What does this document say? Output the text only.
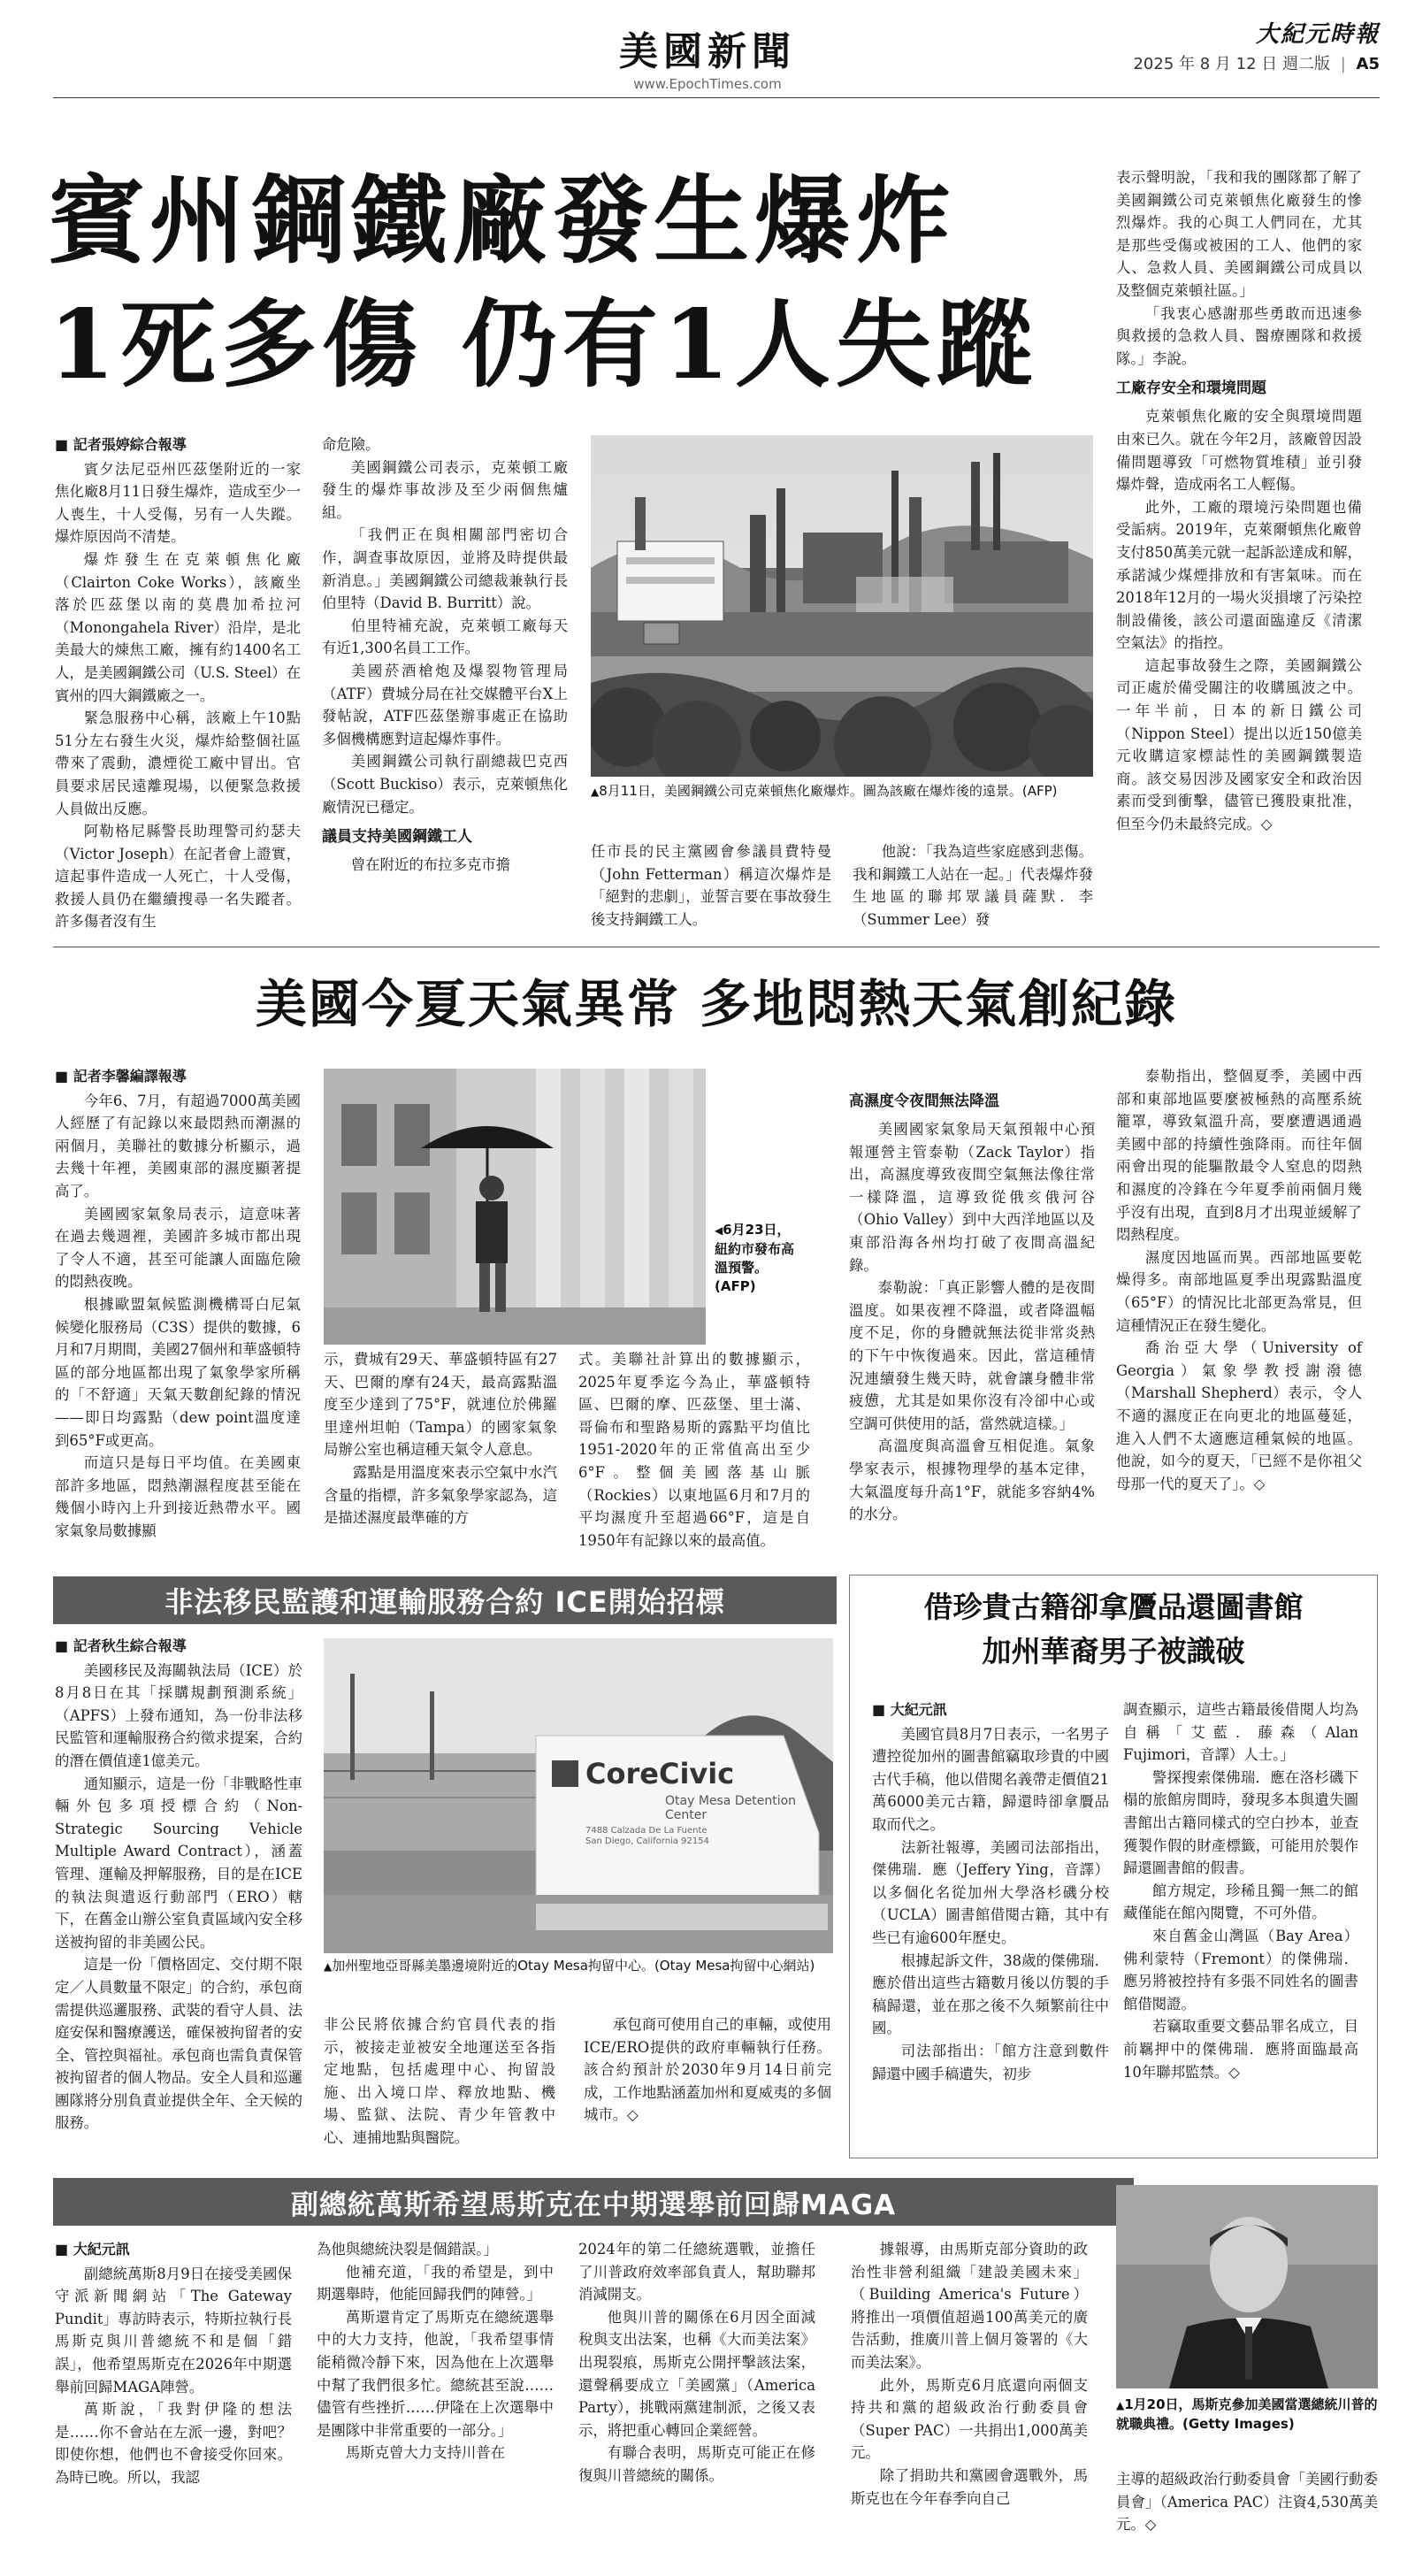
美國新聞
www.EpochTimes.com
大紀元時報
2025 年 8 月 12 日 週二版 | A5
賓州鋼鐵廠發生爆炸
1死多傷 仍有1人失蹤
■ 記者張婷綜合報導

賓夕法尼亞州匹茲堡附近的一家焦化廠8月11日發生爆炸，造成至少一人喪生，十人受傷，另有一人失蹤。爆炸原因尚不清楚。

爆炸發生在克萊頓焦化廠（Clairton Coke Works），該廠坐落於匹茲堡以南的莫農加希拉河（Monongahela River）沿岸，是北美最大的煉焦工廠，擁有約1400名工人，是美國鋼鐵公司（U.S. Steel）在賓州的四大鋼鐵廠之一。

緊急服務中心稱，該廠上午10點51分左右發生火災，爆炸給整個社區帶來了震動，濃煙從工廠中冒出。官員要求居民遠離現場，以便緊急救援人員做出反應。

阿勒格尼縣警長助理警司約瑟夫（Victor Joseph）在記者會上證實，這起事件造成一人死亡，十人受傷，救援人員仍在繼續搜尋一名失蹤者。許多傷者沒有生

命危險。

美國鋼鐵公司表示，克萊頓工廠發生的爆炸事故涉及至少兩個焦爐組。

「我們正在與相關部門密切合作，調查事故原因，並將及時提供最新消息。」美國鋼鐵公司總裁兼執行長伯里特（David B. Burritt）說。

伯里特補充說，克萊頓工廠每天有近1,300名員工工作。

美國菸酒槍炮及爆裂物管理局（ATF）費城分局在社交媒體平台X上發帖說，ATF匹茲堡辦事處正在協助多個機構應對這起爆炸事件。

美國鋼鐵公司執行副總裁巴克西（Scott Buckiso）表示，克萊頓焦化廠情況已穩定。

議員支持美國鋼鐵工人

曾在附近的布拉多克市擔

▲8月11日，美國鋼鐵公司克萊頓焦化廠爆炸。圖為該廠在爆炸後的遠景。(AFP)

任市長的民主黨國會參議員費特曼（John Fetterman）稱這次爆炸是「絕對的悲劇」，並誓言要在事故發生後支持鋼鐵工人。

他說：「我為這些家庭感到悲傷。我和鋼鐵工人站在一起。」代表爆炸發生地區的聯邦眾議員薩默．李（Summer Lee）發

表示聲明說，「我和我的團隊都了解了美國鋼鐵公司克萊頓焦化廠發生的慘烈爆炸。我的心與工人們同在，尤其是那些受傷或被困的工人、他們的家人、急救人員、美國鋼鐵公司成員以及整個克萊頓社區。」

「我衷心感謝那些勇敢而迅速參與救援的急救人員、醫療團隊和救援隊。」李說。

工廠存安全和環境問題

克萊頓焦化廠的安全與環境問題由來已久。就在今年2月，該廠曾因設備問題導致「可燃物質堆積」並引發爆炸聲，造成兩名工人輕傷。

此外，工廠的環境污染問題也備受詬病。2019年，克萊爾頓焦化廠曾支付850萬美元就一起訴訟達成和解，承諾減少煤煙排放和有害氣味。而在2018年12月的一場火災損壞了污染控制設備後，該公司還面臨違反《清潔空氣法》的指控。

這起事故發生之際，美國鋼鐵公司正處於備受關注的收購風波之中。一年半前，日本的新日鐵公司（Nippon Steel）提出以近150億美元收購這家標誌性的美國鋼鐵製造商。該交易因涉及國家安全和政治因素而受到衝擊，儘管已獲股東批准，但至今仍未最終完成。◇

美國今夏天氣異常 多地悶熱天氣創紀錄
■ 記者李馨編譯報導

今年6、7月，有超過7000萬美國人經歷了有記錄以來最悶熱而潮濕的兩個月，美聯社的數據分析顯示，過去幾十年裡，美國東部的濕度顯著提高了。

美國國家氣象局表示，這意味著在過去幾週裡，美國許多城市都出現了令人不適，甚至可能讓人面臨危險的悶熱夜晚。

根據歐盟氣候監測機構哥白尼氣候變化服務局（C3S）提供的數據，6月和7月期間，美國27個州和華盛頓特區的部分地區都出現了氣象學家所稱的「不舒適」天氣天數創紀錄的情況——即日均露點（dew point溫度達到65°F或更高。

而這只是每日平均值。在美國東部許多地區，悶熱潮濕程度甚至能在幾個小時內上升到接近熱帶水平。國家氣象局數據顯

◀6月23日，紐約市發布高溫預警。(AFP)

示，費城有29天、華盛頓特區有27天、巴爾的摩有24天，最高露點溫度至少達到了75°F，就連位於佛羅里達州坦帕（Tampa）的國家氣象局辦公室也稱這種天氣令人意息。

露點是用溫度來表示空氣中水汽含量的指標，許多氣象學家認為，這是描述濕度最準確的方

式。美聯社計算出的數據顯示，2025年夏季迄今為止，華盛頓特區、巴爾的摩、匹茲堡、里士滿、哥倫布和聖路易斯的露點平均值比1951-2020年的正常值高出至少6°F。整個美國落基山脈（Rockies）以東地區6月和7月的平均濕度升至超過66°F，這是自1950年有記錄以來的最高值。

高濕度令夜間無法降溫

美國國家氣象局天氣預報中心預報運營主管泰勒（Zack Taylor）指出，高濕度導致夜間空氣無法像往常一樣降溫，這導致從俄亥俄河谷（Ohio Valley）到中大西洋地區以及東部沿海各州均打破了夜間高溫紀錄。

泰勒說：「真正影響人體的是夜間溫度。如果夜裡不降溫，或者降溫幅度不足，你的身體就無法從非常炎熱的下午中恢復過來。因此，當這種情況連續發生幾天時，就會讓身體非常疲憊，尤其是如果你沒有冷卻中心或空調可供使用的話，當然就這樣。」

高溫度與高溫會互相促進。氣象學家表示，根據物理學的基本定律，大氣溫度每升高1°F，就能多容納4%的水分。

泰勒指出，整個夏季，美國中西部和東部地區要麼被極熱的高壓系統籠罩，導致氣溫升高，要麼遭遇通過美國中部的持續性強降雨。而往年個兩會出現的能驅散最令人窒息的悶熱和濕度的冷鋒在今年夏季前兩個月幾乎沒有出現，直到8月才出現並緩解了悶熱程度。

濕度因地區而異。西部地區要乾燥得多。南部地區夏季出現露點溫度（65°F）的情況比北部更為常見，但這種情況正在發生變化。

喬治亞大學（University of Georgia）氣象學教授謝潑德（Marshall Shepherd）表示，令人不適的濕度正在向更北的地區蔓延，進入人們不太適應這種氣候的地區。他說，如今的夏天，「已經不是你祖父母那一代的夏天了」。◇

非法移民監護和運輸服務合約 ICE開始招標
■ 記者秋生綜合報導

美國移民及海關執法局（ICE）於8月8日在其「採購規劃預測系統」（APFS）上發布通知，為一份非法移民監管和運輸服務合約徵求提案，合約的潛在價值達1億美元。

通知顯示，這是一份「非戰略性車輛外包多項授標合約（Non-Strategic Sourcing Vehicle Multiple Award Contract），涵蓋管理、運輸及押解服務，目的是在ICE的執法與遣返行動部門（ERO）轄下，在舊金山辦公室負責區域內安全移送被拘留的非美國公民。

這是一份「價格固定、交付期不限定／人員數量不限定」的合約，承包商需提供巡邏服務、武裝的看守人員、法庭安保和醫療護送，確保被拘留者的安全、管控與福祉。承包商也需負責保管被拘留者的個人物品。安全人員和巡邏團隊將分別負責並提供全年、全天候的服務。

CoreCivic
Otay Mesa Detention Center
7488 Calzada De La Fuente San Diego, California 92154
▲加州聖地亞哥縣美墨邊境附近的Otay Mesa拘留中心。(Otay Mesa拘留中心網站)

非公民將依據合約官員代表的指示，被接走並被安全地運送至各指定地點，包括處理中心、拘留設施、出入境口岸、釋放地點、機場、監獄、法院、青少年管教中心、連捕地點與醫院。

承包商可使用自己的車輛，或使用ICE/ERO提供的政府車輛執行任務。該合約預計於2030年9月14日前完成，工作地點涵蓋加州和夏威夷的多個城市。◇

借珍貴古籍卻拿贗品還圖書館
加州華裔男子被識破
■ 大紀元訊

美國官員8月7日表示，一名男子遭控從加州的圖書館竊取珍貴的中國古代手稿，他以借閱名義帶走價值21萬6000美元古籍，歸還時卻拿贗品取而代之。

法新社報導，美國司法部指出，傑佛瑞．應（Jeffery Ying，音譯）以多個化名從加州大學洛杉磯分校（UCLA）圖書館借閱古籍，其中有些已有逾600年歷史。

根據起訴文件，38歲的傑佛瑞．應於借出這些古籍數月後以仿製的手稿歸還，並在那之後不久頻繁前往中國。

司法部指出：「館方注意到數件歸還中國手稿遺失，初步

調查顯示，這些古籍最後借閱人均為自稱「艾藍．藤森（Alan Fujimori，音譯）人士。」

警探搜索傑佛瑞．應在洛杉磯下榻的旅館房間時，發現多本與遺失圖書館出古籍同樣式的空白抄本，並查獲製作假的財產標籤，可能用於製作歸還圖書館的假書。

館方規定，珍稀且獨一無二的館藏僅能在館內閱覽，不可外借。

來自舊金山灣區（Bay Area）佛利蒙特（Fremont）的傑佛瑞．應另將被控持有多張不同姓名的圖書館借閱證。

若竊取重要文藝品罪名成立，目前羈押中的傑佛瑞．應將面臨最高10年聯邦監禁。◇

副總統萬斯希望馬斯克在中期選舉前回歸MAGA
■ 大紀元訊

副總統萬斯8月9日在接受美國保守派新聞網站「The Gateway Pundit」專訪時表示，特斯拉執行長馬斯克與川普總統不和是個「錯誤」，他希望馬斯克在2026年中期選舉前回歸MAGA陣營。

萬斯說，「我對伊隆的想法是……你不會站在左派一邊，對吧？即使你想，他們也不會接受你回來。為時已晚。所以，我認

為他與總統決裂是個錯誤。」

他補充道，「我的希望是，到中期選舉時，他能回歸我們的陣營。」

萬斯還肯定了馬斯克在總統選舉中的大力支持，他說，「我希望事情能稍微冷靜下來，因為他在上次選舉中幫了我們很多忙。總統甚至說……儘管有些挫折……伊隆在上次選舉中是團隊中非常重要的一部分。」

馬斯克曾大力支持川普在

2024年的第二任總統選戰，並擔任了川普政府效率部負責人，幫助聯邦消減開支。

他與川普的關係在6月因全面減稅與支出法案，也稱《大而美法案》出現裂痕，馬斯克公開抨擊該法案，還聲稱要成立「美國黨」（America Party），挑戰兩黨建制派，之後又表示，將把重心轉回企業經營。

有聯合表明，馬斯克可能正在修復與川普總統的關係。

據報導，由馬斯克部分資助的政治性非營利組織「建設美國未來」（Building America's Future）將推出一項價值超過100萬美元的廣告活動，推廣川普上個月簽署的《大而美法案》。

此外，馬斯克6月底還向兩個支持共和黨的超級政治行動委員會（Super PAC）一共捐出1,000萬美元。

除了捐助共和黨國會選戰外，馬斯克也在今年春季向自己

▲1月20日，馬斯克參加美國當選總統川普的就職典禮。(Getty Images)

主導的超級政治行動委員會「美國行動委員會」（America PAC）注資4,530萬美元。◇
